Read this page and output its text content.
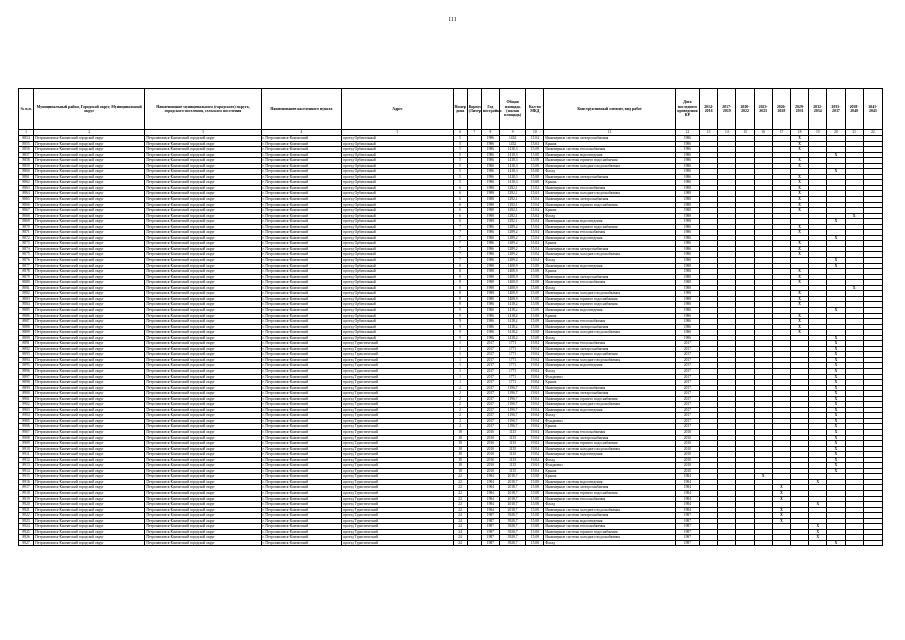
111
№ п.п.	Муниципальный район, Городской округ, Муниципальный округ	Наименование муниципального (городского) округа, городского поселения, сельского поселения	Наименование населенного пункта	Адрес	Номер дома	Корпус (Литер)	Год постройки	Общая площадь (жилая площадь)	Кол-во МКД	Конструктивный элемент, вид работ	Дата последнего проведения КР	2014-2016	2017-2019	2020-2022	2023-2025	2026-2028	2029-2031	2032-2034	2035-2037	2038-2040	2041-2043
1	2	3	4	5	6	7	8	9	10	11	12	13	14	15	16	17	18	19	20	21	22
8854	Петропавловск-Камчатский городской округ	Петропавловск-Камчатский городской округ	г. Петропавловск-Камчатский	проезд Орбитальный	5		1986	1432	15.04	Инженерные системы электроснабжения	1986						X				
8855	Петропавловск-Камчатский городской округ	Петропавловск-Камчатский городской округ	г. Петропавловск-Камчатский	проезд Орбитальный	5		1986	1432	15.04	Крыша	1986						X				
8856	Петропавловск-Камчатский городской округ	Петропавловск-Камчатский городской округ	г. Петропавловск-Камчатский	проезд Орбитальный	5		1986	1418,3	15.08	Инженерные системы теплоснабжения	1986						X				
8857	Петропавловск-Камчатский городской округ	Петропавловск-Камчатский городской округ	г. Петропавловск-Камчатский	проезд Орбитальный	5		1986	1418,3	15.08	Инженерные системы водоотведения	1986								X		
8858	Петропавловск-Камчатский городской округ	Петропавловск-Камчатский городской округ	г. Петропавловск-Камчатский	проезд Орбитальный	5		1986	1418,3	15.08	Инженерные системы горячего водоснабжения	1986						X				
8859	Петропавловск-Камчатский городской округ	Петропавловск-Камчатский городской округ	г. Петропавловск-Камчатский	проезд Орбитальный	5		1986	1418,3	15.08	Инженерные системы холодного водоснабжения	1986						X				
8860	Петропавловск-Камчатский городской округ	Петропавловск-Камчатский городской округ	г. Петропавловск-Камчатский	проезд Орбитальный	5		1986	1418,3	15.08	Фасад	1986								X		
8861	Петропавловск-Камчатский городской округ	Петропавловск-Камчатский городской округ	г. Петропавловск-Камчатский	проезд Орбитальный	5		1986	1418,3	15.08	Инженерные системы электроснабжения	1986						X				
8862	Петропавловск-Камчатский городской округ	Петропавловск-Камчатский городской округ	г. Петропавловск-Камчатский	проезд Орбитальный	5		1986	1418,3	15.08	Крыша	1986						X				
8863	Петропавловск-Камчатский городской округ	Петропавловск-Камчатский городской округ	г. Петропавловск-Камчатский	проезд Орбитальный	6		1988	1292,1	15.04	Инженерные системы теплоснабжения	1988						X				
8864	Петропавловск-Камчатский городской округ	Петропавловск-Камчатский городской округ	г. Петропавловск-Камчатский	проезд Орбитальный	6		1988	1292,1	15.04	Инженерные системы холодного водоснабжения	1988						X				
8865	Петропавловск-Камчатский городской округ	Петропавловск-Камчатский городской округ	г. Петропавловск-Камчатский	проезд Орбитальный	6		1988	1292,1	15.04	Инженерные системы электроснабжения	1988						X				
8866	Петропавловск-Камчатский городской округ	Петропавловск-Камчатский городской округ	г. Петропавловск-Камчатский	проезд Орбитальный	6		1988	1292,1	15.04	Инженерные системы горячего водоснабжения	1988						X				
8867	Петропавловск-Камчатский городской округ	Петропавловск-Камчатский городской округ	г. Петропавловск-Камчатский	проезд Орбитальный	6		1988	1292,1	15.04	Крыша	1988						X				
8868	Петропавловск-Камчатский городской округ	Петропавловск-Камчатский городской округ	г. Петропавловск-Камчатский	проезд Орбитальный	6		1988	1292,1	15.04	Фасад	1988									X	
8869	Петропавловск-Камчатский городской округ	Петропавловск-Камчатский городской округ	г. Петропавловск-Камчатский	проезд Орбитальный	6		1988	1292,1	15.04	Инженерные системы водоотведения	1988								X		
8870	Петропавловск-Камчатский городской округ	Петропавловск-Камчатский городской округ	г. Петропавловск-Камчатский	проезд Орбитальный	7		1986	1289,2	15.04	Инженерные системы горячего водоснабжения	1986						X				
8871	Петропавловск-Камчатский городской округ	Петропавловск-Камчатский городской округ	г. Петропавловск-Камчатский	проезд Орбитальный	7		1986	1289,2	15.04	Инженерные системы теплоснабжения	1986						X				
8872	Петропавловск-Камчатский городской округ	Петропавловск-Камчатский городской округ	г. Петропавловск-Камчатский	проезд Орбитальный	7		1986	1289,2	15.04	Инженерные системы водоотведения	1986								X		
8873	Петропавловск-Камчатский городской округ	Петропавловск-Камчатский городской округ	г. Петропавловск-Камчатский	проезд Орбитальный	7		1986	1289,2	15.04	Крыша	1986						X				
8874	Петропавловск-Камчатский городской округ	Петропавловск-Камчатский городской округ	г. Петропавловск-Камчатский	проезд Орбитальный	7		1986	1289,2	15.04	Инженерные системы электроснабжения	1986						X				
8875	Петропавловск-Камчатский городской округ	Петропавловск-Камчатский городской округ	г. Петропавловск-Камчатский	проезд Орбитальный	7		1986	1289,2	15.04	Инженерные системы холодного водоснабжения	1986						X				
8876	Петропавловск-Камчатский городской округ	Петропавловск-Камчатский городской округ	г. Петропавловск-Камчатский	проезд Орбитальный	7		1986	1289,2	15.04	Фасад	1986								X		
8877	Петропавловск-Камчатский городской округ	Петропавловск-Камчатский городской округ	г. Петропавловск-Камчатский	проезд Орбитальный	8		1988	1408,9	15.08	Инженерные системы водоотведения	1988								X		
8878	Петропавловск-Камчатский городской округ	Петропавловск-Камчатский городской округ	г. Петропавловск-Камчатский	проезд Орбитальный	8		1988	1408,9	15.08	Крыша	1988						X				
8879	Петропавловск-Камчатский городской округ	Петропавловск-Камчатский городской округ	г. Петропавловск-Камчатский	проезд Орбитальный	8		1988	1408,9	15.08	Инженерные системы электроснабжения	1988						X				
8880	Петропавловск-Камчатский городской округ	Петропавловск-Камчатский городской округ	г. Петропавловск-Камчатский	проезд Орбитальный	8		1988	1408,9	15.08	Инженерные системы теплоснабжения	1988						X				
8881	Петропавловск-Камчатский городской округ	Петропавловск-Камчатский городской округ	г. Петропавловск-Камчатский	проезд Орбитальный	8		1988	1408,9	15.08	Фасад	1988									X	
8882	Петропавловск-Камчатский городской округ	Петропавловск-Камчатский городской округ	г. Петропавловск-Камчатский	проезд Орбитальный	8		1988	1408,9	15.08	Инженерные системы холодного водоснабжения	1988						X				
8883	Петропавловск-Камчатский городской округ	Петропавловск-Камчатский городской округ	г. Петропавловск-Камчатский	проезд Орбитальный	8		1988	1408,9	15.08	Инженерные системы горячего водоснабжения	1988						X				
8884	Петропавловск-Камчатский городской округ	Петропавловск-Камчатский городской округ	г. Петропавловск-Камчатский	проезд Орбитальный	9		1986	1418,2	15.08	Инженерные системы горячего водоснабжения	1986						X				
8885	Петропавловск-Камчатский городской округ	Петропавловск-Камчатский городской округ	г. Петропавловск-Камчатский	проезд Орбитальный	9		1986	1418,2	15.08	Инженерные системы водоотведения	1986								X		
8886	Петропавловск-Камчатский городской округ	Петропавловск-Камчатский городской округ	г. Петропавловск-Камчатский	проезд Орбитальный	9		1986	1418,2	15.08	Крыша	1986						X				
8887	Петропавловск-Камчатский городской округ	Петропавловск-Камчатский городской округ	г. Петропавловск-Камчатский	проезд Орбитальный	9		1986	1418,2	15.08	Инженерные системы теплоснабжения	1986						X				
8888	Петропавловск-Камчатский городской округ	Петропавловск-Камчатский городской округ	г. Петропавловск-Камчатский	проезд Орбитальный	9		1986	1418,2	15.08	Инженерные системы электроснабжения	1986						X				
8889	Петропавловск-Камчатский городской округ	Петропавловск-Камчатский городской округ	г. Петропавловск-Камчатский	проезд Орбитальный	9		1986	1418,2	15.08	Инженерные системы холодного водоснабжения	1986						X				
8890	Петропавловск-Камчатский городской округ	Петропавловск-Камчатский городской округ	г. Петропавловск-Камчатский	проезд Орбитальный	9		1986	1418,2	15.08	Фасад	1986								X		
8891	Петропавловск-Камчатский городской округ	Петропавловск-Камчатский городской округ	г. Петропавловск-Камчатский	проезд Туристический	1		2017	1771	19.04	Инженерные системы теплоснабжения	2017								X		
8892	Петропавловск-Камчатский городской округ	Петропавловск-Камчатский городской округ	г. Петропавловск-Камчатский	проезд Туристический	1		2017	1771	19.04	Инженерные системы электроснабжения	2017								X		
8893	Петропавловск-Камчатский городской округ	Петропавловск-Камчатский городской округ	г. Петропавловск-Камчатский	проезд Туристический	1		2017	1771	19.04	Инженерные системы горячего водоснабжения	2017								X		
8894	Петропавловск-Камчатский городской округ	Петропавловск-Камчатский городской округ	г. Петропавловск-Камчатский	проезд Туристический	1		2017	1771	19.04	Инженерные системы холодного водоснабжения	2017								X		
8895	Петропавловск-Камчатский городской округ	Петропавловск-Камчатский городской округ	г. Петропавловск-Камчатский	проезд Туристический	1		2017	1771	19.04	Инженерные системы водоотведения	2017								X		
8896	Петропавловск-Камчатский городской округ	Петропавловск-Камчатский городской округ	г. Петропавловск-Камчатский	проезд Туристический	1		2017	1771	19.04	Фасад	2017								X		
8897	Петропавловск-Камчатский городской округ	Петропавловск-Камчатский городской округ	г. Петропавловск-Камчатский	проезд Туристический	1		2017	1771	19.04	Фундамент	2017								X		
8898	Петропавловск-Камчатский городской округ	Петропавловск-Камчатский городской округ	г. Петропавловск-Камчатский	проезд Туристический	1		2017	1771	19.04	Крыша	2017								X		
8899	Петропавловск-Камчатский городской округ	Петропавловск-Камчатский городской округ	г. Петропавловск-Камчатский	проезд Туристический	2		2017	1196,7	19.04	Инженерные системы теплоснабжения	2017								X		
8900	Петропавловск-Камчатский городской округ	Петропавловск-Камчатский городской округ	г. Петропавловск-Камчатский	проезд Туристический	2		2017	1196,7	19.04	Инженерные системы электроснабжения	2017								X		
8901	Петропавловск-Камчатский городской округ	Петропавловск-Камчатский городской округ	г. Петропавловск-Камчатский	проезд Туристический	2		2017	1196,7	19.04	Инженерные системы горячего водоснабжения	2017								X		
8902	Петропавловск-Камчатский городской округ	Петропавловск-Камчатский городской округ	г. Петропавловск-Камчатский	проезд Туристический	2		2017	1196,7	19.04	Инженерные системы холодного водоснабжения	2017								X		
8903	Петропавловск-Камчатский городской округ	Петропавловск-Камчатский городской округ	г. Петропавловск-Камчатский	проезд Туристический	2		2017	1196,7	19.04	Инженерные системы водоотведения	2017								X		
8904	Петропавловск-Камчатский городской округ	Петропавловск-Камчатский городской округ	г. Петропавловск-Камчатский	проезд Туристический	2		2017	1196,7	19.04	Фасад	2017								X		
8905	Петропавловск-Камчатский городской округ	Петропавловск-Камчатский городской округ	г. Петропавловск-Камчатский	проезд Туристический	2		2017	1196,7	19.04	Фундамент	2017								X		
8906	Петропавловск-Камчатский городской округ	Петропавловск-Камчатский городской округ	г. Петропавловск-Камчатский	проезд Туристический	2		2017	1196,7	19.04	Крыша	2017								X		
8907	Петропавловск-Камчатский городской округ	Петропавловск-Камчатский городской округ	г. Петропавловск-Камчатский	проезд Туристический	18		2010	1135	19.04	Инженерные системы теплоснабжения	2010								X		
8908	Петропавловск-Камчатский городской округ	Петропавловск-Камчатский городской округ	г. Петропавловск-Камчатский	проезд Туристический	18		2010	1135	19.04	Инженерные системы электроснабжения	2010								X		
8909	Петропавловск-Камчатский городской округ	Петропавловск-Камчатский городской округ	г. Петропавловск-Камчатский	проезд Туристический	18		2010	1135	19.04	Инженерные системы горячего водоснабжения	2010								X		
8910	Петропавловск-Камчатский городской округ	Петропавловск-Камчатский городской округ	г. Петропавловск-Камчатский	проезд Туристический	18		2010	1135	19.04	Инженерные системы холодного водоснабжения	2010								X		
8911	Петропавловск-Камчатский городской округ	Петропавловск-Камчатский городской округ	г. Петропавловск-Камчатский	проезд Туристический	18		2010	1135	19.04	Инженерные системы водоотведения	2010								X		
8912	Петропавловск-Камчатский городской округ	Петропавловск-Камчатский городской округ	г. Петропавловск-Камчатский	проезд Туристический	18		2010	1135	19.04	Фасад	2010								X		
8913	Петропавловск-Камчатский городской округ	Петропавловск-Камчатский городской округ	г. Петропавловск-Камчатский	проезд Туристический	18		2010	1135	19.04	Фундамент	2010								X		
8914	Петропавловск-Камчатский городской округ	Петропавловск-Камчатский городской округ	г. Петропавловск-Камчатский	проезд Туристический	18		2010	1135	19.04	Крыша	2010								X		
8915	Петропавловск-Камчатский городской округ	Петропавловск-Камчатский городской округ	г. Петропавловск-Камчатский	проезд Туристический	22		1984	2018,7	15.08	Крыша	1984				X						
8916	Петропавловск-Камчатский городской округ	Петропавловск-Камчатский городской округ	г. Петропавловск-Камчатский	проезд Туристический	22		1984	2018,7	15.08	Инженерные системы водоотведения	1984							X			
8917	Петропавловск-Камчатский городской округ	Петропавловск-Камчатский городской округ	г. Петропавловск-Камчатский	проезд Туристический	22		1984	2018,7	15.08	Инженерные системы электроснабжения	1984					X					
8918	Петропавловск-Камчатский городской округ	Петропавловск-Камчатский городской округ	г. Петропавловск-Камчатский	проезд Туристический	22		1984	2018,7	15.08	Инженерные системы горячего водоснабжения	1984					X					
8919	Петропавловск-Камчатский городской округ	Петропавловск-Камчатский городской округ	г. Петропавловск-Камчатский	проезд Туристический	22		1984	2018,7	15.08	Инженерные системы теплоснабжения	1984					X					
8920	Петропавловск-Камчатский городской округ	Петропавловск-Камчатский городской округ	г. Петропавловск-Камчатский	проезд Туристический	22		1984	2018,7	15.08	Фасад	1984							X			
8921	Петропавловск-Камчатский городской округ	Петропавловск-Камчатский городской округ	г. Петропавловск-Камчатский	проезд Туристический	22		1984	2018,7	15.08	Инженерные системы холодного водоснабжения	1984					X					
8922	Петропавловск-Камчатский городской округ	Петропавловск-Камчатский городской округ	г. Петропавловск-Камчатский	проезд Туристический	24		1987	3928,7	15.08	Инженерные системы электроснабжения	1987					X					
8923	Петропавловск-Камчатский городской округ	Петропавловск-Камчатский городской округ	г. Петропавловск-Камчатский	проезд Туристический	24		1987	3928,7	15.08	Инженерные системы водоотведения	1987					X					
8924	Петропавловск-Камчатский городской округ	Петропавловск-Камчатский городской округ	г. Петропавловск-Камчатский	проезд Туристический	24		1987	3928,7	15.08	Инженерные системы теплоснабжения	1987							X			
8925	Петропавловск-Камчатский городской округ	Петропавловск-Камчатский городской округ	г. Петропавловск-Камчатский	проезд Туристический	24		1987	3928,7	15.08	Инженерные системы горячего водоснабжения	1987							X			
8926	Петропавловск-Камчатский городской округ	Петропавловск-Камчатский городской округ	г. Петропавловск-Камчатский	проезд Туристический	24		1987	3928,7	15.08	Инженерные системы холодного водоснабжения	1987							X			
8927	Петропавловск-Камчатский городской округ	Петропавловск-Камчатский городской округ	г. Петропавловск-Камчатский	проезд Туристический	24		1987	3928,7	15.08	Фасад	1987								X		
